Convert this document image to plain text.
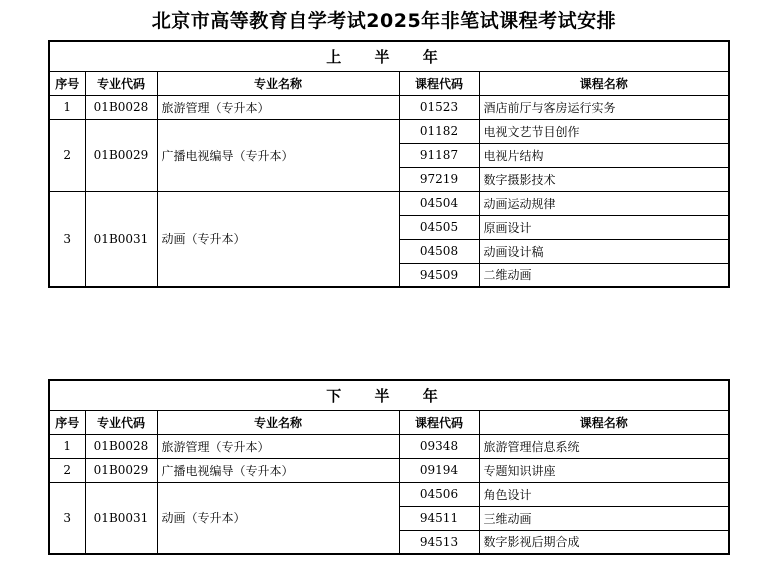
北京市高等教育自学考试2025年非笔试课程考试安排
上 半 年				
序号	专业代码	专业名称	课程代码	课程名称
1	01B0028	旅游管理（专升本）	01523	酒店前厅与客房运行实务
2	01B0029	广播电视编导（专升本）	01182	电视文艺节目创作
			91187	电视片结构
			97219	数字摄影技术
3	01B0031	动画（专升本）	04504	动画运动规律
			04505	原画设计
			04508	动画设计稿
			94509	二维动画
下 半 年				
序号	专业代码	专业名称	课程代码	课程名称
1	01B0028	旅游管理（专升本）	09348	旅游管理信息系统
2	01B0029	广播电视编导（专升本）	09194	专题知识讲座
3	01B0031	动画（专升本）	04506	角色设计
			94511	三维动画
			94513	数字影视后期合成
